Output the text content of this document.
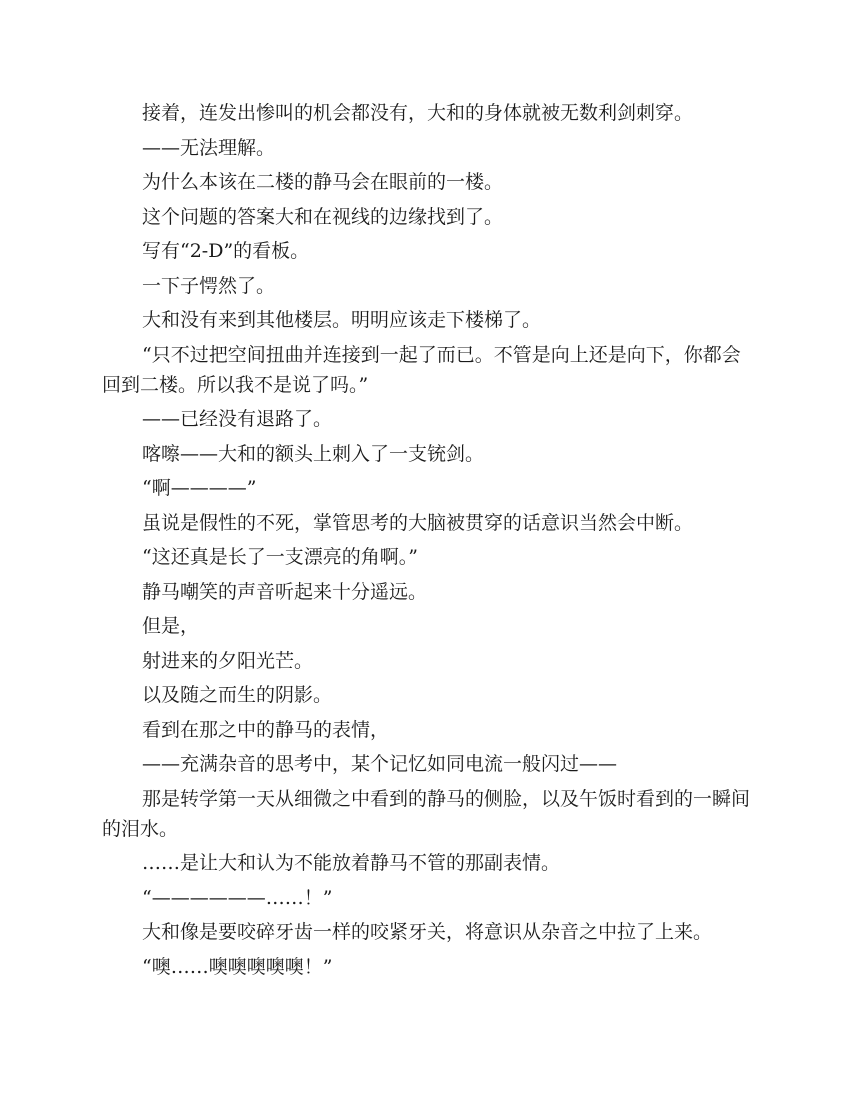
接着，连发出惨叫的机会都没有，大和的身体就被无数利剑刺穿。

——无法理解。

为什么本该在二楼的静马会在眼前的一楼。

这个问题的答案大和在视线的边缘找到了。

写有“2-D”的看板。

一下子愕然了。

大和没有来到其他楼层。明明应该走下楼梯了。

“只不过把空间扭曲并连接到一起了而已。不管是向上还是向下，你都会回到二楼。所以我不是说了吗。”

——已经没有退路了。

喀嚓——大和的额头上刺入了一支铳剑。

“啊————”

虽说是假性的不死，掌管思考的大脑被贯穿的话意识当然会中断。

“这还真是长了一支漂亮的角啊。”

静马嘲笑的声音听起来十分遥远。

但是，

射进来的夕阳光芒。

以及随之而生的阴影。

看到在那之中的静马的表情，

——充满杂音的思考中，某个记忆如同电流一般闪过——

那是转学第一天从细微之中看到的静马的侧脸，以及午饭时看到的一瞬间的泪水。

……是让大和认为不能放着静马不管的那副表情。

“——————……！”

大和像是要咬碎牙齿一样的咬紧牙关，将意识从杂音之中拉了上来。

“噢……噢噢噢噢噢！”
